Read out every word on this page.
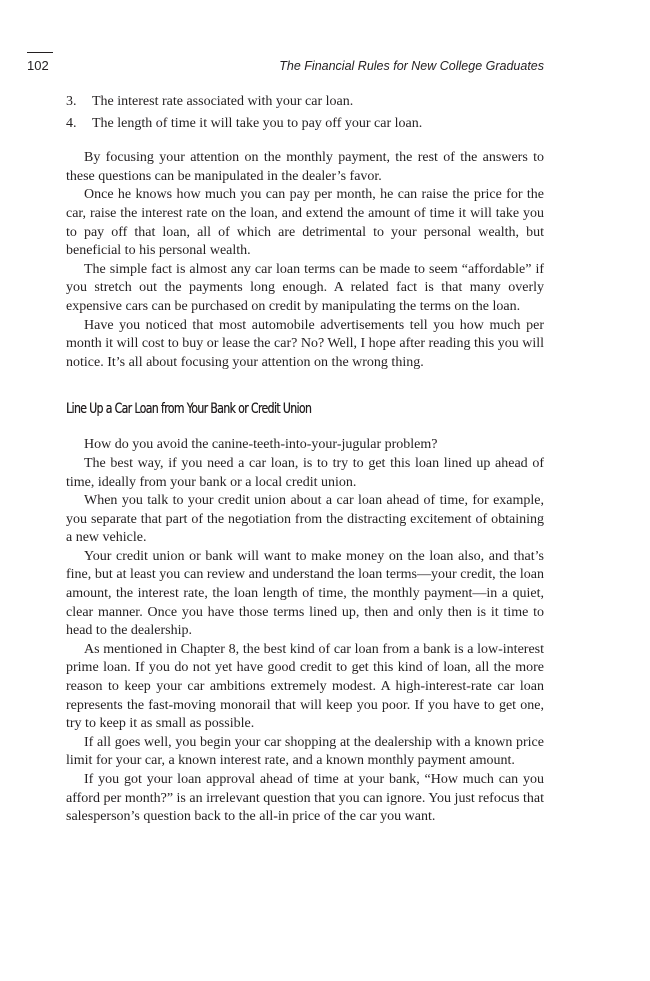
102	The Financial Rules for New College Graduates
3.	The interest rate associated with your car loan.
4.	The length of time it will take you to pay off your car loan.

By focusing your attention on the monthly payment, the rest of the answers to these questions can be manipulated in the dealer’s favor.

Once he knows how much you can pay per month, he can raise the price for the car, raise the interest rate on the loan, and extend the amount of time it will take you to pay off that loan, all of which are detrimental to your personal wealth, but beneficial to his personal wealth.

The simple fact is almost any car loan terms can be made to seem “affordable” if you stretch out the payments long enough. A related fact is that many overly expensive cars can be purchased on credit by manipulating the terms on the loan.

Have you noticed that most automobile advertisements tell you how much per month it will cost to buy or lease the car? No? Well, I hope after reading this you will notice. It’s all about focusing your attention on the wrong thing.

Line Up a Car Loan from Your Bank or Credit Union

How do you avoid the canine-teeth-into-your-jugular problem?

The best way, if you need a car loan, is to try to get this loan lined up ahead of time, ideally from your bank or a local credit union.

When you talk to your credit union about a car loan ahead of time, for example, you separate that part of the negotiation from the distracting excitement of obtaining a new vehicle.

Your credit union or bank will want to make money on the loan also, and that’s fine, but at least you can review and understand the loan terms—your credit, the loan amount, the interest rate, the loan length of time, the monthly payment—in a quiet, clear manner. Once you have those terms lined up, then and only then is it time to head to the dealership.

As mentioned in Chapter 8, the best kind of car loan from a bank is a low-interest prime loan. If you do not yet have good credit to get this kind of loan, all the more reason to keep your car ambitions extremely modest. A high-interest-rate car loan represents the fast-moving monorail that will keep you poor. If you have to get one, try to keep it as small as possible.

If all goes well, you begin your car shopping at the dealership with a known price limit for your car, a known interest rate, and a known monthly payment amount.

If you got your loan approval ahead of time at your bank, “How much can you afford per month?” is an irrelevant question that you can ignore. You just refocus that salesperson’s question back to the all-in price of the car you want.
